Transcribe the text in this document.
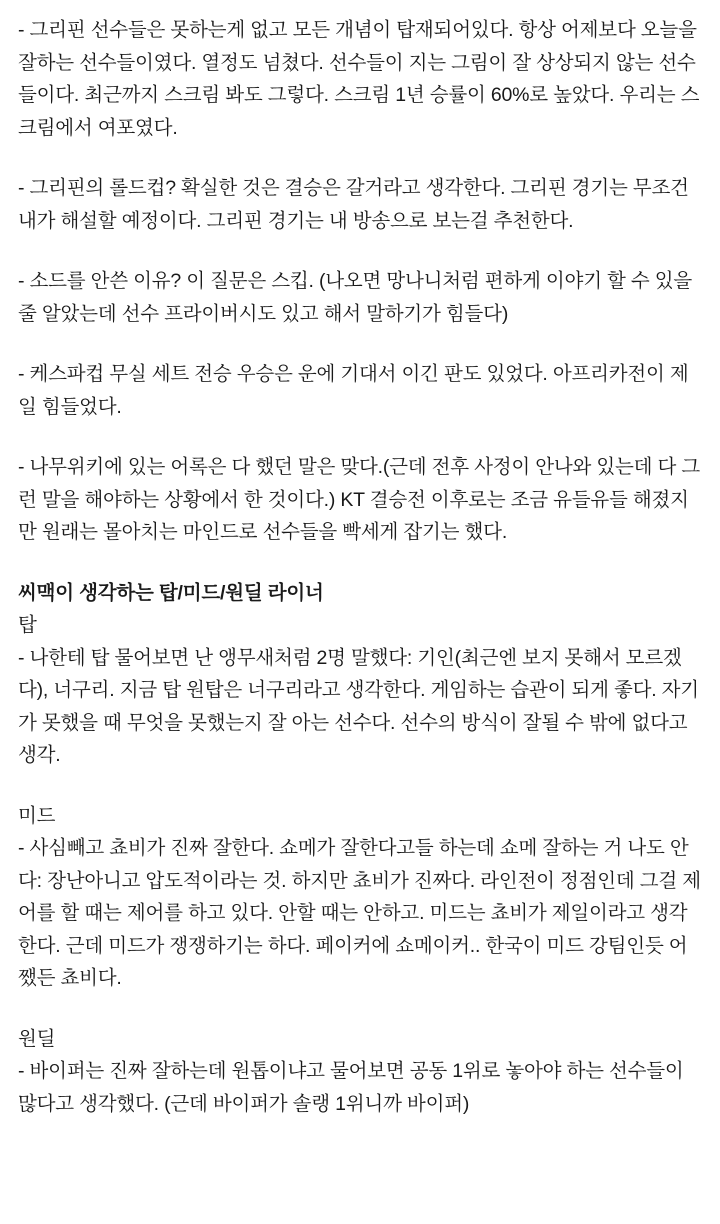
- 그리핀 선수들은 못하는게 없고 모든 개념이 탑재되어있다. 항상 어제보다 오늘을 잘하는 선수들이였다. 열정도 넘쳤다. 선수들이 지는 그림이 잘 상상되지 않는 선수들이다. 최근까지 스크림 봐도 그렇다. 스크림 1년 승률이 60%로 높았다. 우리는 스크림에서 여포였다.

- 그리핀의 롤드컵? 확실한 것은 결승은 갈거라고 생각한다. 그리핀 경기는 무조건 내가 해설할 예정이다. 그리핀 경기는 내 방송으로 보는걸 추천한다.

- 소드를 안쓴 이유? 이 질문은 스킵. (나오면 망나니처럼 편하게 이야기 할 수 있을 줄 알았는데 선수 프라이버시도 있고 해서 말하기가 힘들다)

- 케스파컵 무실 세트 전승 우승은 운에 기대서 이긴 판도 있었다. 아프리카전이 제일 힘들었다.

- 나무위키에 있는 어록은 다 했던 말은 맞다.(근데 전후 사정이 안나와 있는데 다 그런 말을 해야하는 상황에서 한 것이다.) KT 결승전 이후로는 조금 유들유들 해졌지만 원래는 몰아치는 마인드로 선수들을 빡세게 잡기는 했다.

씨맥이 생각하는 탑/미드/원딜 라이너

탑

- 나한테 탑 물어보면 난 앵무새처럼 2명 말했다: 기인(최근엔 보지 못해서 모르겠다), 너구리. 지금 탑 원탑은 너구리라고 생각한다. 게임하는 습관이 되게 좋다. 자기가 못했을 때 무엇을 못했는지 잘 아는 선수다. 선수의 방식이 잘될 수 밖에 없다고 생각.

미드

- 사심빼고 쵸비가 진짜 잘한다. 쇼메가 잘한다고들 하는데 쇼메 잘하는 거 나도 안다: 장난아니고 압도적이라는 것. 하지만 쵸비가 진짜다. 라인전이 정점인데 그걸 제어를 할 때는 제어를 하고 있다. 안할 때는 안하고. 미드는 쵸비가 제일이라고 생각한다. 근데 미드가 쟁쟁하기는 하다. 페이커에 쇼메이커.. 한국이 미드 강팀인듯 어쨌든 쵸비다.

원딜

- 바이퍼는 진짜 잘하는데 원톱이냐고 물어보면 공동 1위로 놓아야 하는 선수들이 많다고 생각했다. (근데 바이퍼가 솔랭 1위니까 바이퍼)
